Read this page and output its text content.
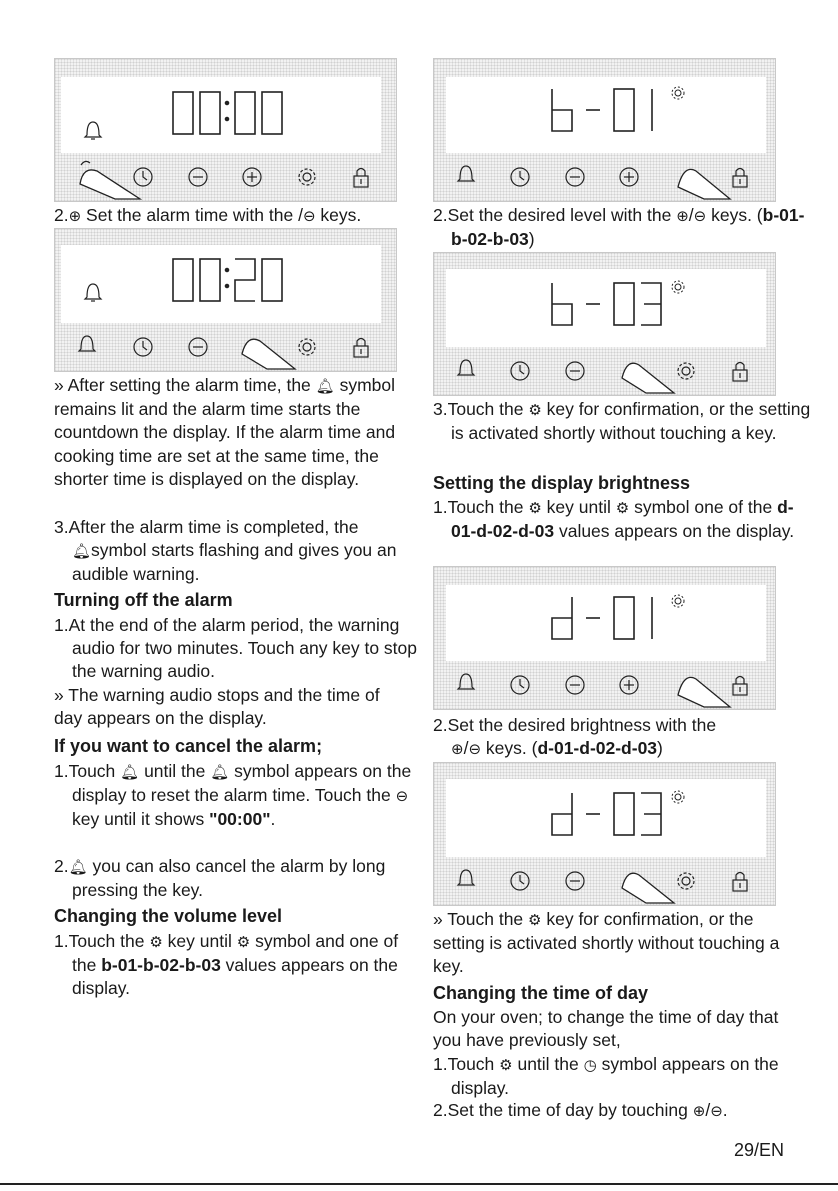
2.⊕ Set the alarm time with the /⊖ keys.

» After setting the alarm time, the 🔔︎ symbol remains lit and the alarm time starts the countdown the display. If the alarm time and cooking time are set at the same time, the shorter time is displayed on the display.

3.After the alarm time is completed, the
🔔︎symbol starts flashing and gives you an audible warning.

Turning off the alarm

1.At the end of the alarm period, the warning audio for two minutes. Touch any key to stop the warning audio.

» The warning audio stops and the time of day appears on the display.

If you want to cancel the alarm;

1.Touch 🔔︎ until the 🔔︎ symbol appears on the display to reset the alarm time. Touch the ⊖ key until it shows "00:00".

2.🔔︎ you can also cancel the alarm by long pressing the key.

Changing the volume level

1.Touch the ⚙ key until ⚙ symbol and one of the b-01-b-02-b-03 values appears on the display.

2.Set the desired level with the ⊕/⊖ keys. (b-01-b-02-b-03)

3.Touch the ⚙ key for confirmation, or the setting is activated shortly without touching a key.

Setting the display brightness

1.Touch the ⚙ key until ⚙ symbol one of the d-01-d-02-d-03 values appears on the display.

2.Set the desired brightness with the
⊕/⊖ keys. (d-01-d-02-d-03)

» Touch the ⚙ key for confirmation, or the setting is activated shortly without touching a key.

Changing the time of day

On your oven; to change the time of day that you have previously set,

1.Touch ⚙ until the ◷ symbol appears on the display.

2.Set the time of day by touching ⊕/⊖.

29/EN
